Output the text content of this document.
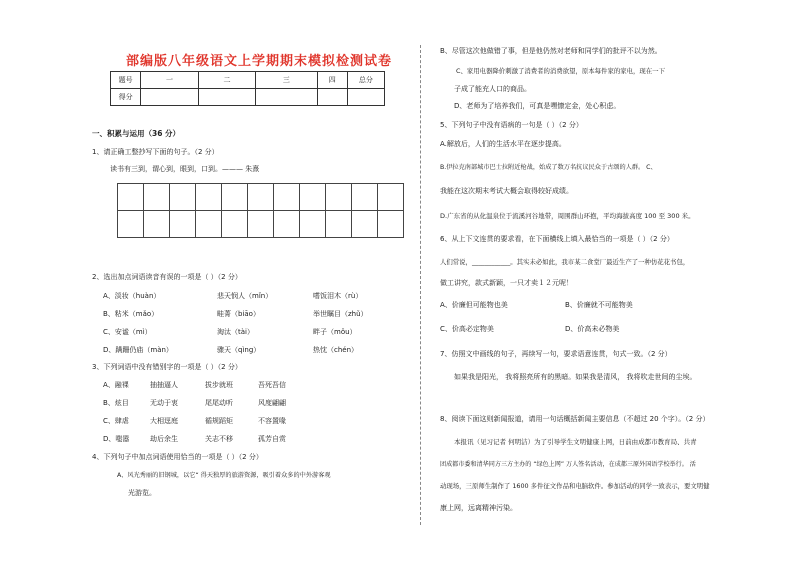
部编版八年级语文上学期期末模拟检测试卷
题号	一	二	三	四	总分
得分					
一、积累与运用（36 分）
1、请正确工整抄写下面的句子。（2 分）
读书有三到，谓心到，眼到，口到。——— 朱熹

2、选出加点词语读音有误的一项是（ ）（2 分）
A、淡妆（huàn）	悲天悯人（mǐn）	嗜饭泪木（rù）
B、粘米（mǎo）	畦菁（biāo）	举世瞩目（zhǔ）
C、安谧（mì）	淘汰（tài）	畔子（mǒu）
D、蹒跚仍庙（màn）	骤天（qìng）	热忱（chén）
3、下列词语中没有错别字的一项是（ ）（2 分）
A、融裸	抽抽逼人	拔步就班	吾死吾信
B、炫目	无动于衷	尾尾动听	风度翩翩
C、肆虐	大相逕庭	循规蹈矩	不容置喙
D、嗤嚣	劫后余生	关志不移	孤芳自赏
4、下列句子中加点词语使用恰当的一项是（ ）（2 分）
A、风光秀丽的旧钢城，以它“ 得天独厚的旅游资源，吸引着众多的中外游客观
光游览。
B、尽管这次他做错了事，但是他仍然对老师和同学们的批评不以为然。
C、家用电器降价刺激了消费者的消费欲望，原本每件家的家电，现在一下
子成了能充人口的商品。
D、老师为了培养我们，可真是嘿慷定金，处心积虑。
5、下列句子中没有语病的一句是（ ）（2 分）
A.解放后，人们的生活水平在逐步提高。
B.伊拉克南部城市巴士拉附近枪战，始成了数万名抗议民众于古颂的人群。 C、
我能在这次期末考试大概会取得较好成绩。
D.广东省的从化温泉位于流溪河谷地带，周围群山环抱，平均海拔高度 100 至 300 米。
6、从上下文连贯的要求看，在下面横线上填入最恰当的一项是（ ）（2 分）
人们常说，____________。其实未必如此，我市某二食堂厂最近生产了一种仿花花书包，
做工讲究，款式新颖，一只才卖１２元呢！
A、价廉但可能物也美	B、价廉就不可能物美
C、价高必定物美	D、价高未必物美
7、仿照文中画线的句子，再续写一句，要求语意连贯，句式一致。（2 分）
如果我是阳光， 我将照亮所有的黑暗。如果我是清风， 我将吹走世间的尘埃。
8、阅读下面这则新闻报道，请用一句话概括新闻主要信息（不超过 20 个字）。（2 分）
本报讯（见习记者 何明洁）为了引导学生文明健康上网，日前由成都市教育局、共青
团成都市委和清华同方三方主办的 “绿色上网” 万人签名活动，在成都三原外国语学校举行。 活
动现场，三原师生制作了 1600 多件征文作品和电脑软件。参加活动的同学一致表示，要文明健
康上网，远离精神污染。
